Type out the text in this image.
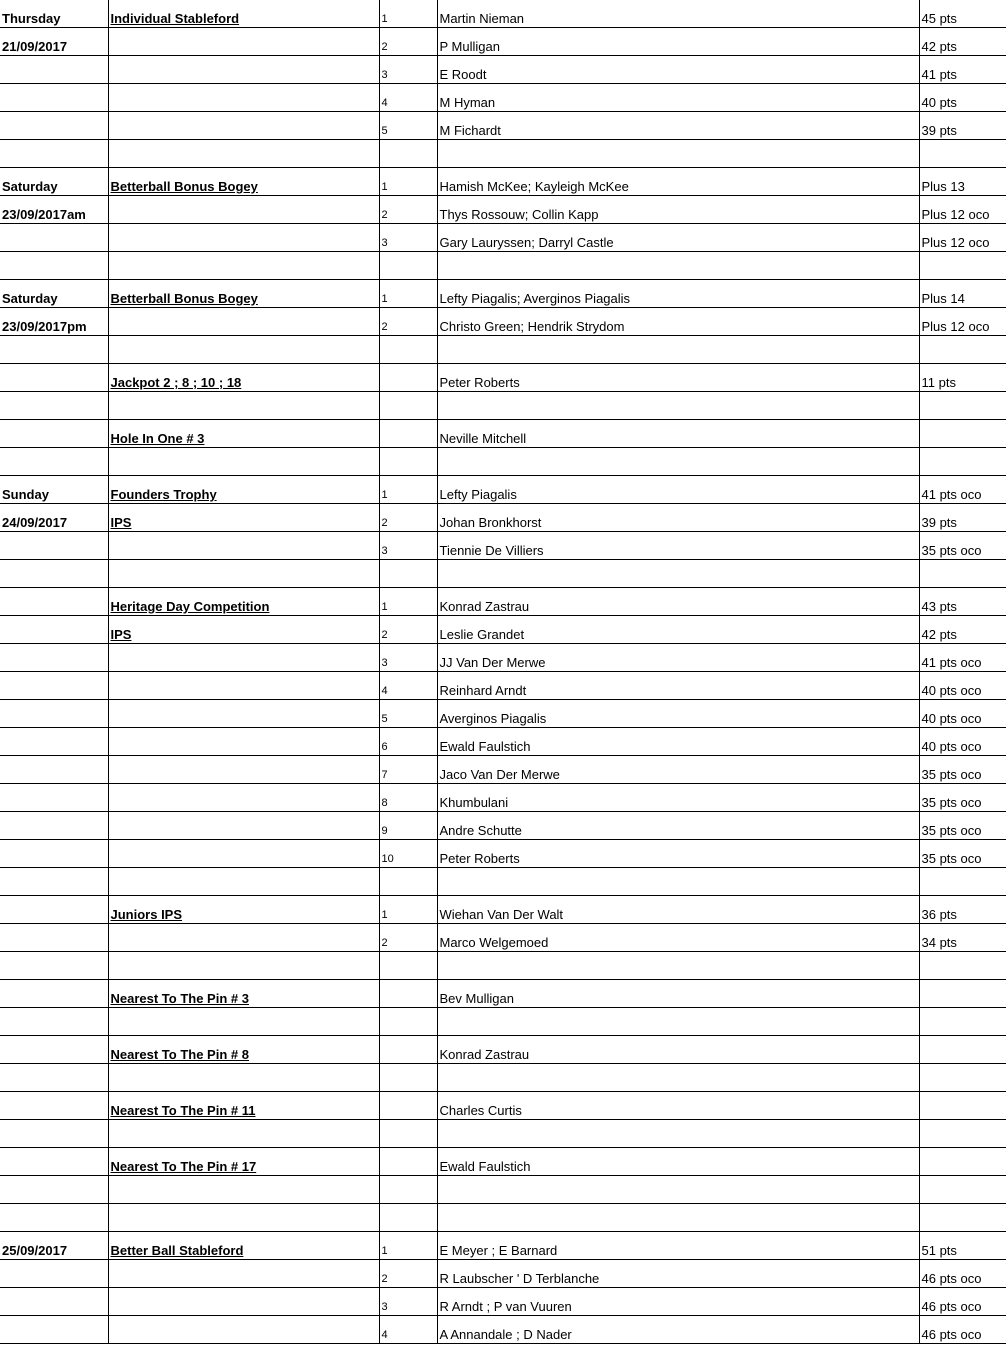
Thursday	Individual Stableford	1	Martin Nieman	45 pts
21/09/2017		2	P Mulligan	42 pts
		3	E Roodt	41 pts
		4	M Hyman	40 pts
		5	M Fichardt	39 pts

Saturday	Betterball Bonus Bogey	1	Hamish McKee; Kayleigh McKee	Plus 13
23/09/2017am		2	Thys Rossouw; Collin Kapp	Plus 12 oco
		3	Gary Lauryssen; Darryl Castle	Plus 12 oco

Saturday	Betterball Bonus Bogey	1	Lefty Piagalis; Averginos Piagalis	Plus 14
23/09/2017pm		2	Christo Green; Hendrik Strydom	Plus 12 oco

	Jackpot 2 ; 8 ; 10 ; 18		Peter Roberts	11 pts

	Hole In One # 3		Neville Mitchell	

Sunday	Founders Trophy	1	Lefty Piagalis	41 pts oco
24/09/2017	IPS	2	Johan Bronkhorst	39 pts
		3	Tiennie De Villiers	35 pts oco

	Heritage Day Competition	1	Konrad Zastrau	43 pts
	IPS	2	Leslie Grandet	42 pts
		3	JJ Van Der Merwe	41 pts oco
		4	Reinhard Arndt	40 pts oco
		5	Averginos Piagalis	40 pts oco
		6	Ewald Faulstich	40 pts oco
		7	Jaco Van Der Merwe	35 pts oco
		8	Khumbulani	35 pts oco
		9	Andre Schutte	35 pts oco
		10	Peter Roberts	35 pts oco

	Juniors IPS	1	Wiehan Van Der Walt	36 pts
		2	Marco Welgemoed	34 pts

	Nearest To The Pin # 3		Bev Mulligan	

	Nearest To The Pin # 8		Konrad Zastrau	

	Nearest To The Pin # 11		Charles Curtis	

	Nearest To The Pin # 17		Ewald Faulstich	

25/09/2017	Better Ball Stableford	1	E Meyer ; E Barnard	51 pts
		2	R Laubscher ' D Terblanche	46 pts oco
		3	R Arndt ; P van Vuuren	46 pts oco
		4	A Annandale ; D Nader	46 pts oco
